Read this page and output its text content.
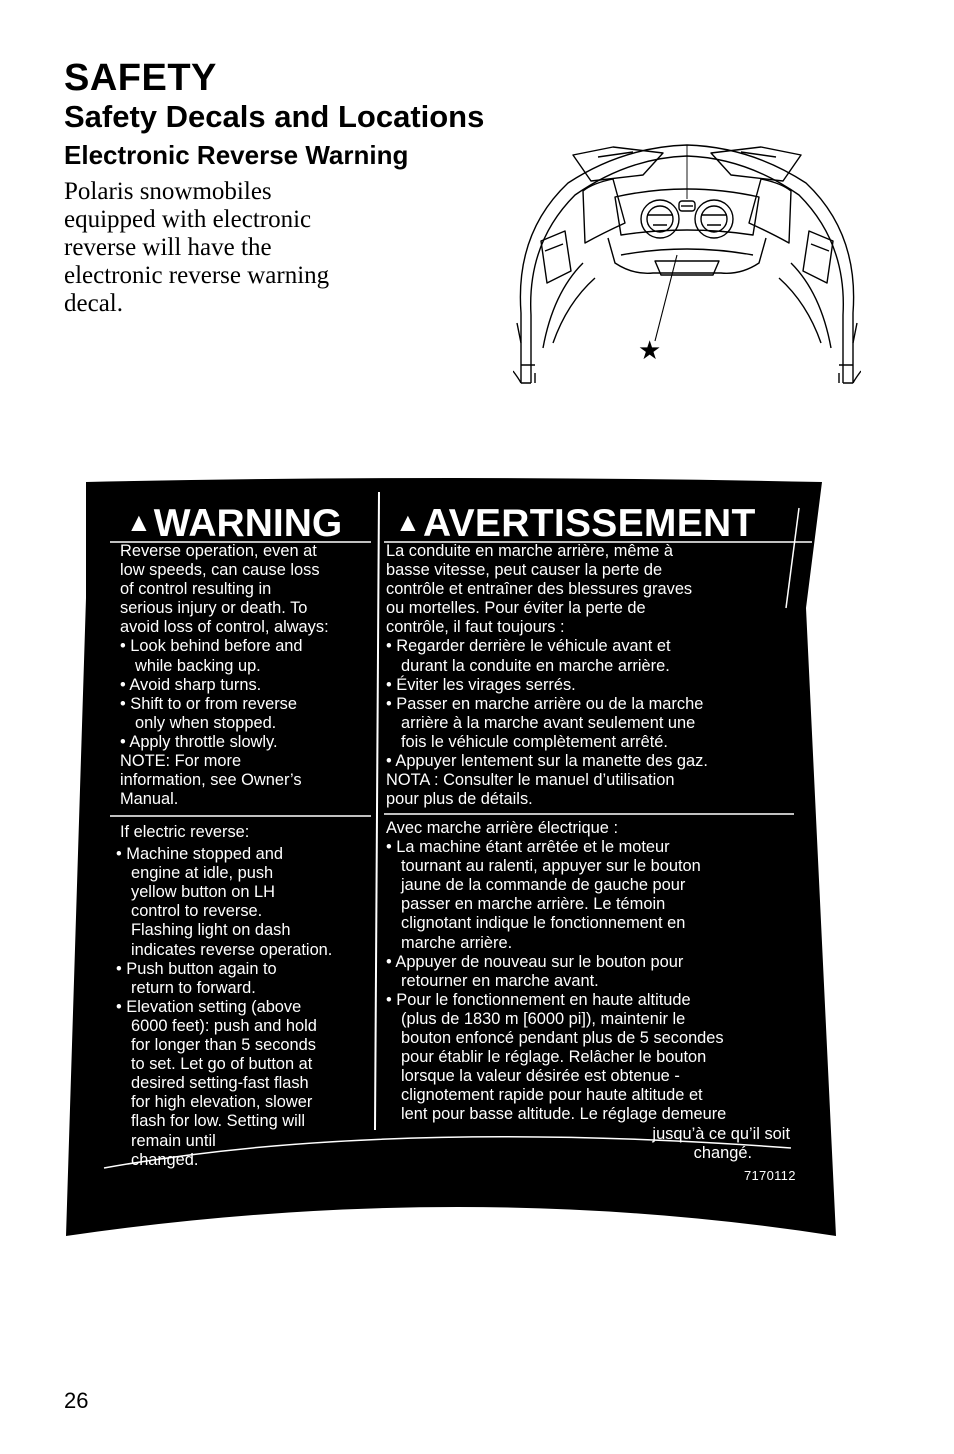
SAFETY
Safety Decals and Locations
Electronic Reverse Warning
Polaris snowmobiles
equipped with electronic
reverse will have the
electronic reverse warning
decal.
★
▲WARNING ▲AVERTISSEMENT
Reverse operation, even at
low speeds, can cause loss
of control resulting in
serious injury or death. To
avoid loss of control, always:
• Look behind before and
while backing up.
• Avoid sharp turns.
• Shift to or from reverse
only when stopped.
• Apply throttle slowly.
NOTE: For more
information, see Owner’s
Manual.
If electric reverse:
• Machine stopped and
engine at idle, push
yellow button on LH
control to reverse.
Flashing light on dash
indicates reverse operation.
• Push button again to
return to forward.
• Elevation setting (above
6000 feet): push and hold
for longer than 5 seconds
to set. Let go of button at
desired setting-fast flash
for high elevation, slower
flash for low. Setting will
remain until
changed.
La conduite en marche arrière, même à
basse vitesse, peut causer la perte de
contrôle et entraîner des blessures graves
ou mortelles. Pour éviter la perte de
contrôle, il faut toujours :
• Regarder derrière le véhicule avant et
durant la conduite en marche arrière.
• Éviter les virages serrés.
• Passer en marche arrière ou de la marche
arrière à la marche avant seulement une
fois le véhicule complètement arrêté.
• Appuyer lentement sur la manette des gaz.
NOTA : Consulter le manuel d’utilisation
pour plus de détails.
Avec marche arrière électrique :
• La machine étant arrêtée et le moteur
tournant au ralenti, appuyer sur le bouton
jaune de la commande de gauche pour
passer en marche arrière. Le témoin
clignotant indique le fonctionnement en
marche arrière.
• Appuyer de nouveau sur le bouton pour
retourner en marche avant.
• Pour le fonctionnement en haute altitude
(plus de 1830 m [6000 pi]), maintenir le
bouton enfoncé pendant plus de 5 secondes
pour établir le réglage. Relâcher le bouton
lorsque la valeur désirée est obtenue -
clignotement rapide pour haute altitude et
lent pour basse altitude. Le réglage demeure
jusqu’à ce qu’il soit
changé.
7170112
26
